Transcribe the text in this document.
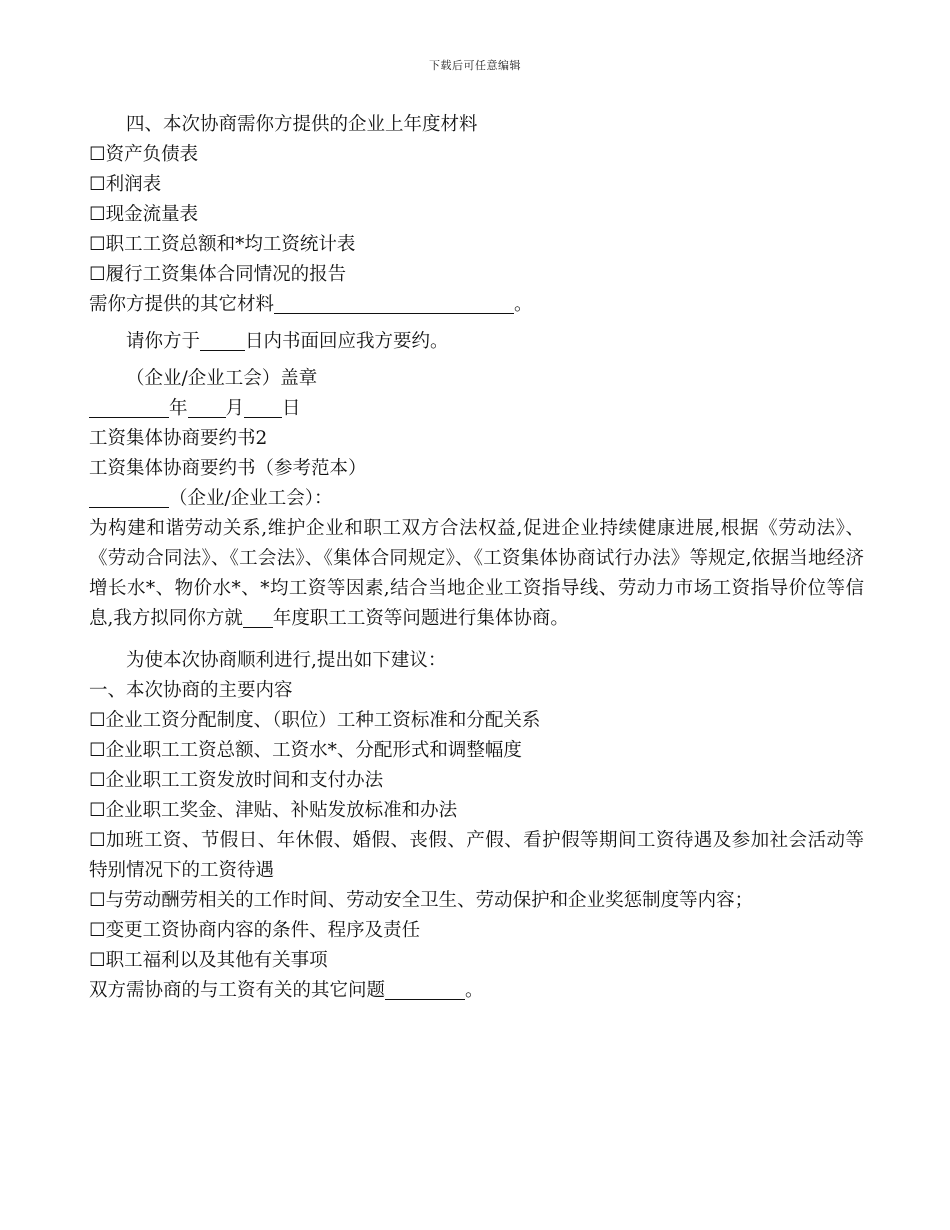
下载后可任意编辑
四、本次协商需你方提供的企业上年度材料
☐资产负债表
☐利润表
☐现金流量表
☐职工工资总额和*均工资统计表
☐履行工资集体合同情况的报告
需你方提供的其它材料	。
请你方于 日内书面回应我方要约。
（企业/企业工会）盖章
年 月 日
工资集体协商要约书2
工资集体协商要约书（参考范本）
（企业/企业工会）：
为构建和谐劳动关系,维护企业和职工双方合法权益,促进企业持续健康进展,根据《劳动法》、《劳动合同法》、《工会法》、《集体合同规定》、《工资集体协商试行办法》等规定,依据当地经济增长水*、物价水*、*均工资等因素,结合当地企业工资指导线、劳动力市场工资指导价位等信息,我方拟同你方就 年度职工工资等问题进行集体协商。
为使本次协商顺利进行,提出如下建议：
一、本次协商的主要内容
☐企业工资分配制度、（职位）工种工资标准和分配关系
☐企业职工工资总额、工资水*、分配形式和调整幅度
☐企业职工工资发放时间和支付办法
☐企业职工奖金、津贴、补贴发放标准和办法
☐加班工资、节假日、年休假、婚假、丧假、产假、看护假等期间工资待遇及参加社会活动等特别情况下的工资待遇
☐与劳动酬劳相关的工作时间、劳动安全卫生、劳动保护和企业奖惩制度等内容；
☐变更工资协商内容的条件、程序及责任
☐职工福利以及其他有关事项
双方需协商的与工资有关的其它问题	。
